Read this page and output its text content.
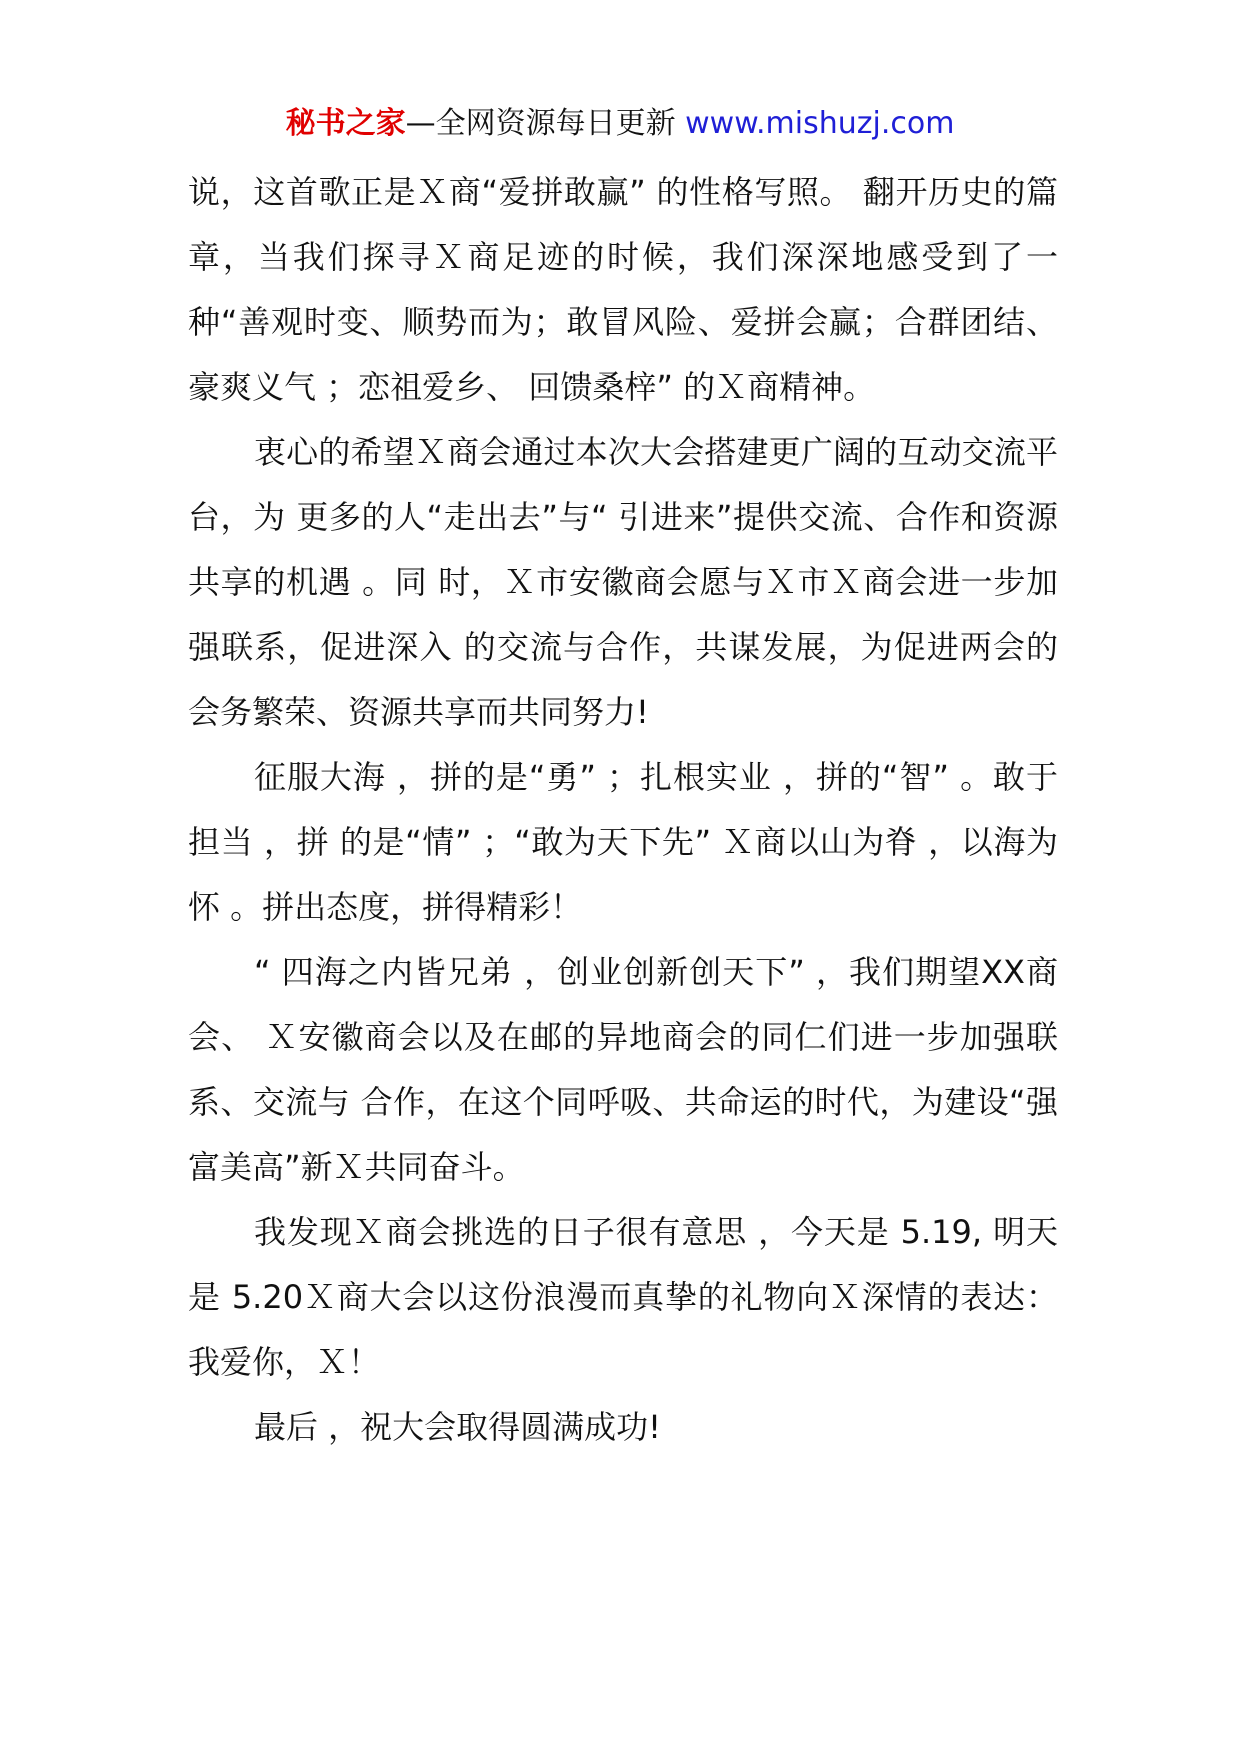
秘书之家—全网资源每日更新 www.mishuzj.com

说，这首歌正是Ｘ商“爱拼敢赢” 的性格写照。 翻开历史的篇章，当我们探寻Ｘ商足迹的时候，我们深深地感受到了一种“善观时变、顺势而为；敢冒风险、爱拼会赢；合群团结、豪爽义气 ；恋祖爱乡、 回馈桑梓” 的Ｘ商精神。

衷心的希望Ｘ商会通过本次大会搭建更广阔的互动交流平台，为 更多的人“走出去”与“ 引进来”提供交流、合作和资源共享的机遇 。同 时，Ｘ市安徽商会愿与Ｘ市Ｘ商会进一步加强联系，促进深入 的交流与合作，共谋发展，为促进两会的会务繁荣、资源共享而共同努力!

征服大海 ，拼的是“勇” ；扎根实业 ，拼的“智” 。敢于担当 ，拼 的是“情” ；“敢为天下先” Ｘ商以山为脊 ，以海为怀 。拼出态度，拼得精彩！

“ 四海之内皆兄弟 ，创业创新创天下” ，我们期望XX商会、 Ｘ安徽商会以及在邮的异地商会的同仁们进一步加强联系、交流与 合作，在这个同呼吸、共命运的时代，为建设“强富美高”新Ｘ共同奋斗。

我发现Ｘ商会挑选的日子很有意思 ，今天是 5.19, 明天是 5.20Ｘ商大会以这份浪漫而真挚的礼物向Ｘ深情的表达：我爱你，Ｘ！

最后 ，祝大会取得圆满成功!
